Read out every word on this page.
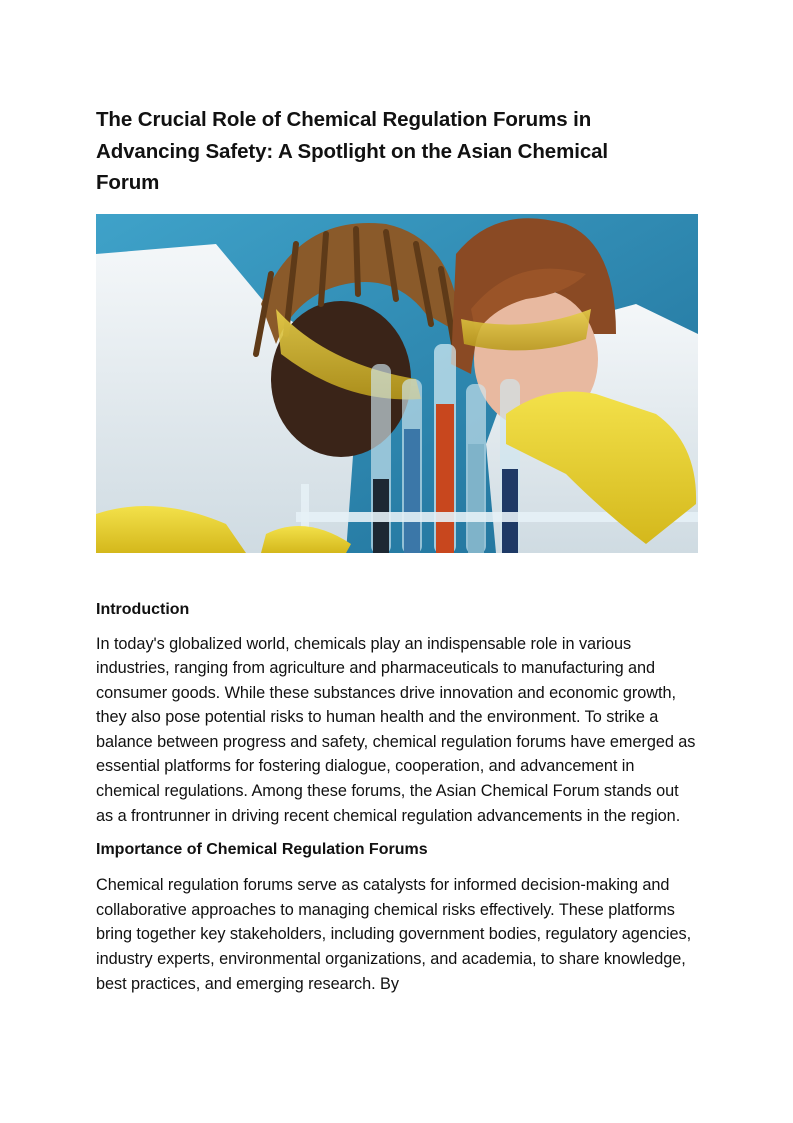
The Crucial Role of Chemical Regulation Forums in Advancing Safety: A Spotlight on the Asian Chemical Forum
Introduction

In today's globalized world, chemicals play an indispensable role in various industries, ranging from agriculture and pharmaceuticals to manufacturing and consumer goods. While these substances drive innovation and economic growth, they also pose potential risks to human health and the environment. To strike a balance between progress and safety, chemical regulation forums have emerged as essential platforms for fostering dialogue, cooperation, and advancement in chemical regulations. Among these forums, the Asian Chemical Forum stands out as a frontrunner in driving recent chemical regulation advancements in the region.

Importance of Chemical Regulation Forums

Chemical regulation forums serve as catalysts for informed decision-making and collaborative approaches to managing chemical risks effectively. These platforms bring together key stakeholders, including government bodies, regulatory agencies, industry experts, environmental organizations, and academia, to share knowledge, best practices, and emerging research. By
